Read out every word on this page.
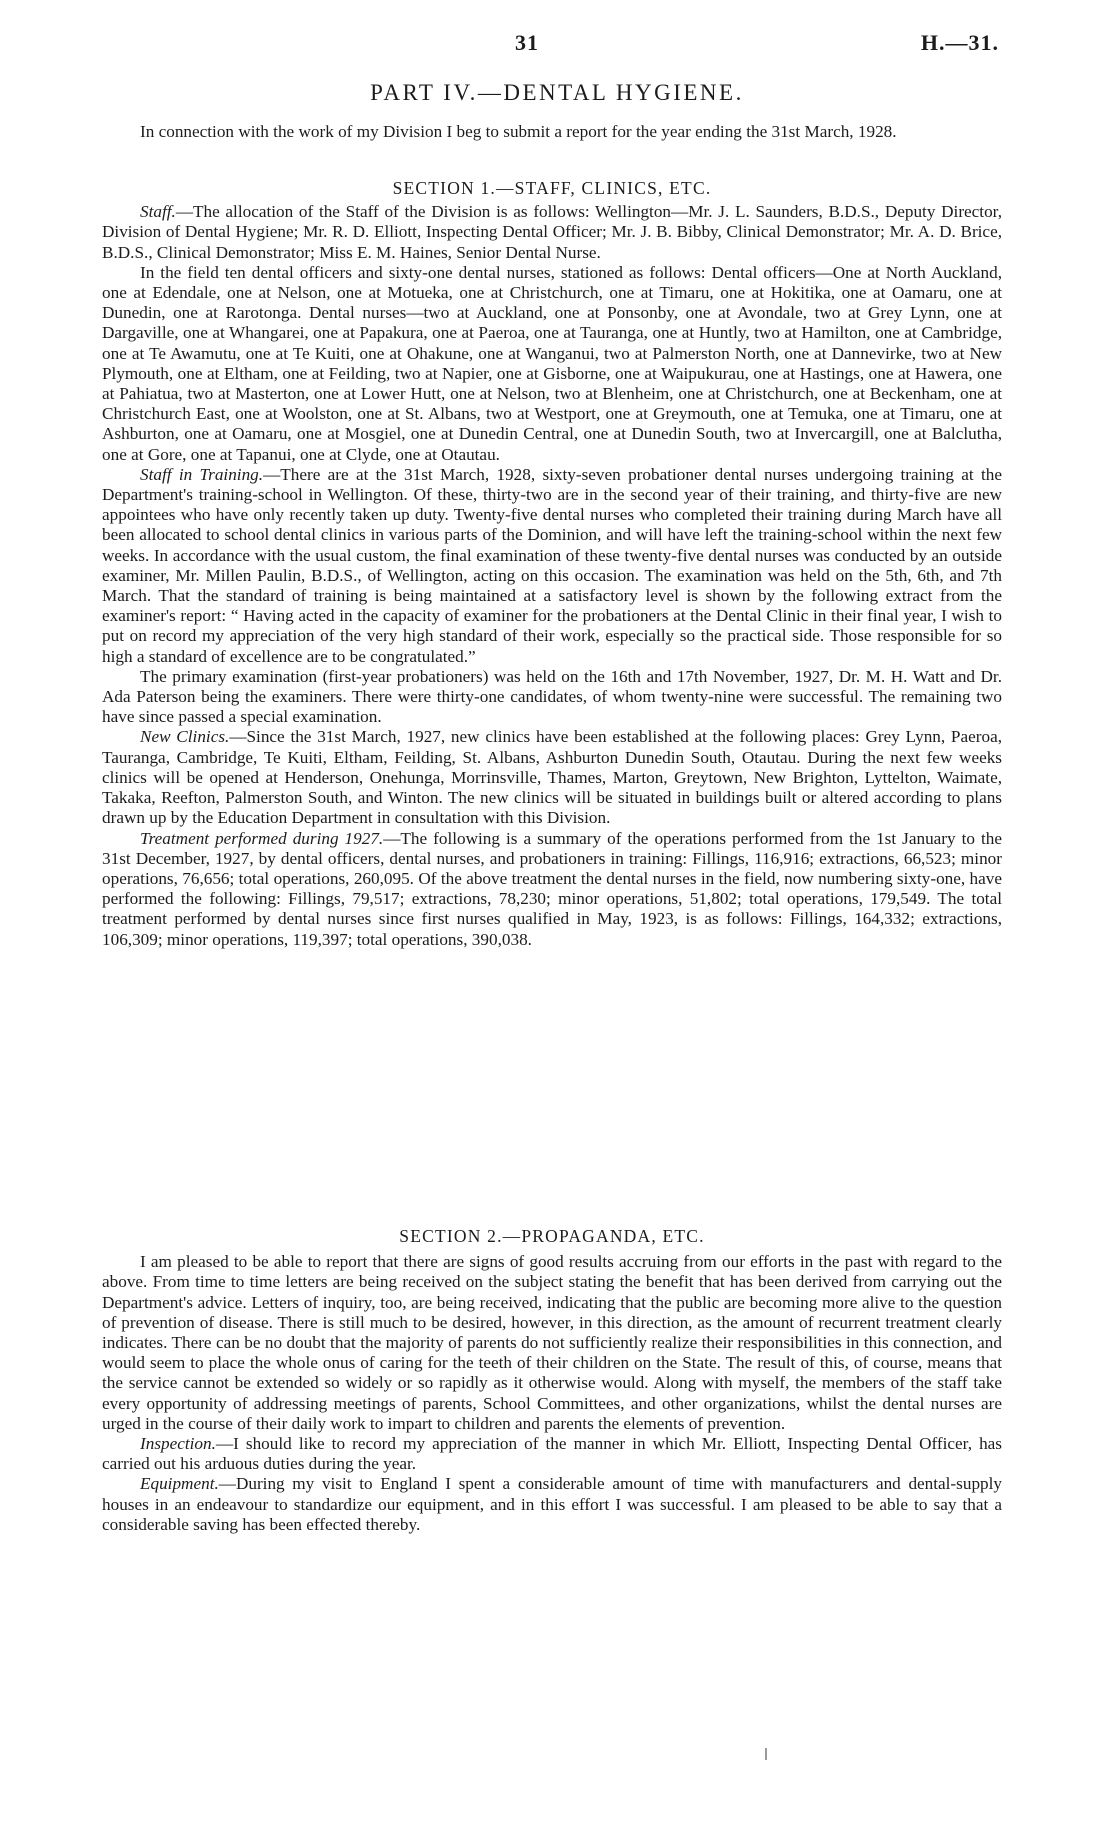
31	H.—31.
PART IV.—DENTAL HYGIENE.

In connection with the work of my Division I beg to submit a report for the year ending the 31st March, 1928.

SECTION 1.—STAFF, CLINICS, ETC.

Staff.—The allocation of the Staff of the Division is as follows: Wellington—Mr. J. L. Saunders, B.D.S., Deputy Director, Division of Dental Hygiene; Mr. R. D. Elliott, Inspecting Dental Officer; Mr. J. B. Bibby, Clinical Demonstrator; Mr. A. D. Brice, B.D.S., Clinical Demonstrator; Miss E. M. Haines, Senior Dental Nurse.

In the field ten dental officers and sixty-one dental nurses, stationed as follows: Dental officers—One at North Auckland, one at Edendale, one at Nelson, one at Motueka, one at Christchurch, one at Timaru, one at Hokitika, one at Oamaru, one at Dunedin, one at Rarotonga. Dental nurses—two at Auckland, one at Ponsonby, one at Avondale, two at Grey Lynn, one at Dargaville, one at Whangarei, one at Papakura, one at Paeroa, one at Tauranga, one at Huntly, two at Hamilton, one at Cambridge, one at Te Awamutu, one at Te Kuiti, one at Ohakune, one at Wanganui, two at Palmerston North, one at Dannevirke, two at New Plymouth, one at Eltham, one at Feilding, two at Napier, one at Gisborne, one at Waipukurau, one at Hastings, one at Hawera, one at Pahiatua, two at Masterton, one at Lower Hutt, one at Nelson, two at Blenheim, one at Christchurch, one at Beckenham, one at Christchurch East, one at Woolston, one at St. Albans, two at Westport, one at Greymouth, one at Temuka, one at Timaru, one at Ashburton, one at Oamaru, one at Mosgiel, one at Dunedin Central, one at Dunedin South, two at Invercargill, one at Balclutha, one at Gore, one at Tapanui, one at Clyde, one at Otautau.

Staff in Training.—There are at the 31st March, 1928, sixty-seven probationer dental nurses undergoing training at the Department's training-school in Wellington. Of these, thirty-two are in the second year of their training, and thirty-five are new appointees who have only recently taken up duty. Twenty-five dental nurses who completed their training during March have all been allocated to school dental clinics in various parts of the Dominion, and will have left the training-school within the next few weeks. In accordance with the usual custom, the final examination of these twenty-five dental nurses was conducted by an outside examiner, Mr. Millen Paulin, B.D.S., of Wellington, acting on this occasion. The examination was held on the 5th, 6th, and 7th March. That the standard of training is being maintained at a satisfactory level is shown by the following extract from the examiner's report: “ Having acted in the capacity of examiner for the probationers at the Dental Clinic in their final year, I wish to put on record my appreciation of the very high standard of their work, especially so the practical side. Those responsible for so high a standard of excellence are to be congratulated.”

The primary examination (first-year probationers) was held on the 16th and 17th November, 1927, Dr. M. H. Watt and Dr. Ada Paterson being the examiners. There were thirty-one candidates, of whom twenty-nine were successful. The remaining two have since passed a special examination.

New Clinics.—Since the 31st March, 1927, new clinics have been established at the following places: Grey Lynn, Paeroa, Tauranga, Cambridge, Te Kuiti, Eltham, Feilding, St. Albans, Ashburton Dunedin South, Otautau. During the next few weeks clinics will be opened at Henderson, Onehunga, Morrinsville, Thames, Marton, Greytown, New Brighton, Lyttelton, Waimate, Takaka, Reefton, Palmerston South, and Winton. The new clinics will be situated in buildings built or altered according to plans drawn up by the Education Department in consultation with this Division.

Treatment performed during 1927.—The following is a summary of the operations performed from the 1st January to the 31st December, 1927, by dental officers, dental nurses, and probationers in training: Fillings, 116,916; extractions, 66,523; minor operations, 76,656; total operations, 260,095. Of the above treatment the dental nurses in the field, now numbering sixty-one, have performed the following: Fillings, 79,517; extractions, 78,230; minor operations, 51,802; total operations, 179,549. The total treatment performed by dental nurses since first nurses qualified in May, 1923, is as follows: Fillings, 164,332; extractions, 106,309; minor operations, 119,397; total operations, 390,038.

SECTION 2.—PROPAGANDA, ETC.

I am pleased to be able to report that there are signs of good results accruing from our efforts in the past with regard to the above. From time to time letters are being received on the subject stating the benefit that has been derived from carrying out the Department's advice. Letters of inquiry, too, are being received, indicating that the public are becoming more alive to the question of prevention of disease. There is still much to be desired, however, in this direction, as the amount of recurrent treatment clearly indicates. There can be no doubt that the majority of parents do not sufficiently realize their responsibilities in this connection, and would seem to place the whole onus of caring for the teeth of their children on the State. The result of this, of course, means that the service cannot be extended so widely or so rapidly as it otherwise would. Along with myself, the members of the staff take every opportunity of addressing meetings of parents, School Committees, and other organizations, whilst the dental nurses are urged in the course of their daily work to impart to children and parents the elements of prevention.

Inspection.—I should like to record my appreciation of the manner in which Mr. Elliott, Inspecting Dental Officer, has carried out his arduous duties during the year.

Equipment.—During my visit to England I spent a considerable amount of time with manufacturers and dental-supply houses in an endeavour to standardize our equipment, and in this effort I was successful. I am pleased to be able to say that a considerable saving has been effected thereby.
